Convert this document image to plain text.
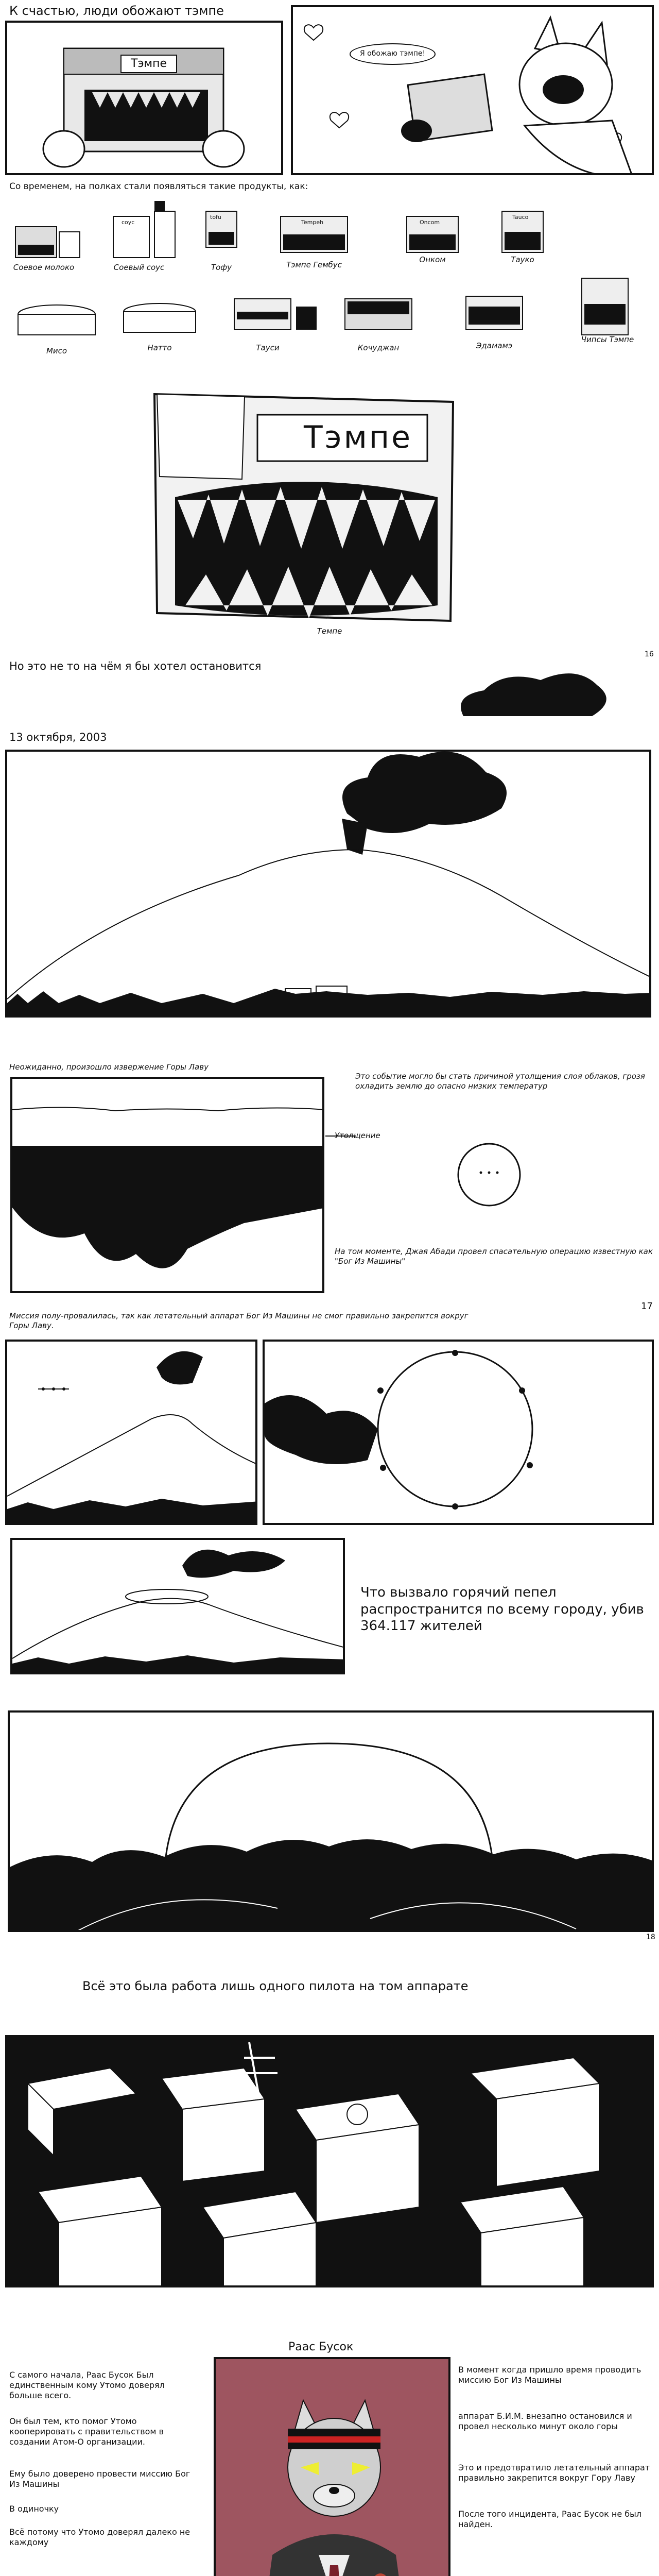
К счастью, люди обожают тэмпе
Тэмпе
Я обожаю тэмпе!
Со временем, на полках стали появляться такие продукты, как:
соус
tofu
Tempeh	Oncom
Tauco
Соевое молоко	Соевый соус	Тофу	Тэмпе Гембус
Онком	Тауко
Мисо	Натто	Тауси	Кочуджан	Эдамамэ
Чипсы Тэмпе
Тэмпе
Темпе
16
Но это не то на чём я бы хотел остановится
13 октября, 2003
Неожиданно, произошло извержение Горы Лаву
Утолщение
Это событие могло бы стать причиной утолщения слоя облаков, грозя охладить землю до опасно низких температур
На том моменте, Джая Абади провел спасательную операцию известную как "Бог Из Машины"
17
Миссия полу-провалилась, так как летательный аппарат Бог Из Машины не смог правильно закрепится вокруг Горы Лаву.
Что вызвало горячий пепел распространится по всему городу, убив 364.117 жителей
18
Всё это была работа лишь одного пилота на том аппарате
Раас Бусок
С самого начала, Раас Бусок Был единственным кому Утомо доверял больше всего.
Он был тем, кто помог Утомо кооперировать с правительством в создании Атом-О организации.
Ему было доверено провести миссию Бог Из Машины
В одиночку
Всё потому что Утомо доверял далеко не каждому
В момент когда пришло время проводить миссию Бог Из Машины
аппарат Б.И.М. внезапно остановился и провел несколько минут около горы
Это и предотвратило летательный аппарат правильно закрепится вокруг Гору Лаву
После того инцидента, Раас Бусок не был найден.
